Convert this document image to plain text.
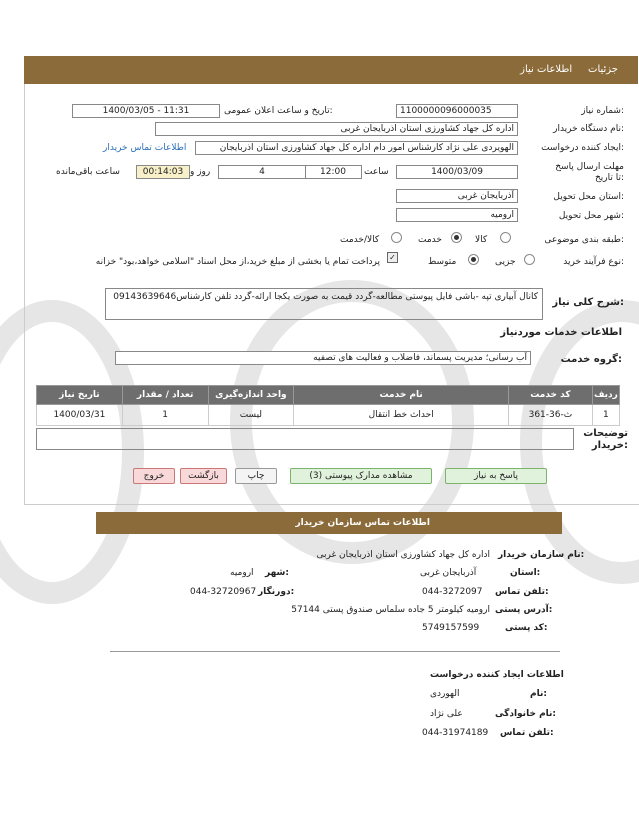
جزئیات     اطلاعات نیاز
شماره نیاز:
1100000096000035
تاریخ و ساعت اعلان عمومی:
1400/03/05 - 11:31
نام دستگاه خریدار:
اداره کل جهاد کشاورزی استان اذربایجان غربی
ایجاد کننده درخواست:
الهویردی علی نژاد کارشناس امور دام اداره کل جهاد کشاورزی استان اذربایجان
اطلاعات تماس خریدار
مهلت ارسال پاسخ تا تاریخ:
1400/03/09
ساعت
12:00
4
روز و
00:14:03
ساعت باقی‌مانده
استان محل تحویل:
آذربایجان غربی
شهر محل تحویل:
ارومیه
طبقه بندی موضوعی:
کالا
خدمت
کالا/خدمت
نوع فرآیند خرید:
جزیی
متوسط
✓
پرداخت تمام یا بخشی از مبلغ خرید،از محل اسناد "اسلامی خواهد،بود" خزانه
شرح کلی نیاز:
کانال آبیاری تپه -باشی فایل پیوستی مطالعه-گردد قیمت به صورت یکجا ارائه-گردد تلفن کارشناس09143639646
اطلاعات خدمات موردنیاز
گروه خدمت:
آب رسانی؛ مدیریت پسماند، فاضلاب و فعالیت های تصفیه
ردیف	کد خدمت	نام خدمت	واحد اندازه‌گیری	تعداد / مقدار	تاریخ نیاز
1	ث-36-361	احداث خط انتقال	لیست	1	1400/03/31
توضیحات خریدار:
پاسخ به نیاز
مشاهده مدارک پیوستی (3)
چاپ
بازگشت
خروج
اطلاعات تماس سازمان خریدار
نام سازمان خریدار:
اداره کل جهاد کشاورزی استان اذربایجان غربی
استان:
آذربایجان غربی
شهر:
ارومیه
تلفن تماس:
044-3272097
دورنگار:
044-32720967
آدرس پستی:
ارومیه کیلومتر 5 جاده سلماس صندوق پستی 57144
کد پستی:
5749157599
اطلاعات ایجاد کننده درخواست
نام:
الهوردی
نام خانوادگی:
علی نژاد
تلفن تماس:
044-31974189
